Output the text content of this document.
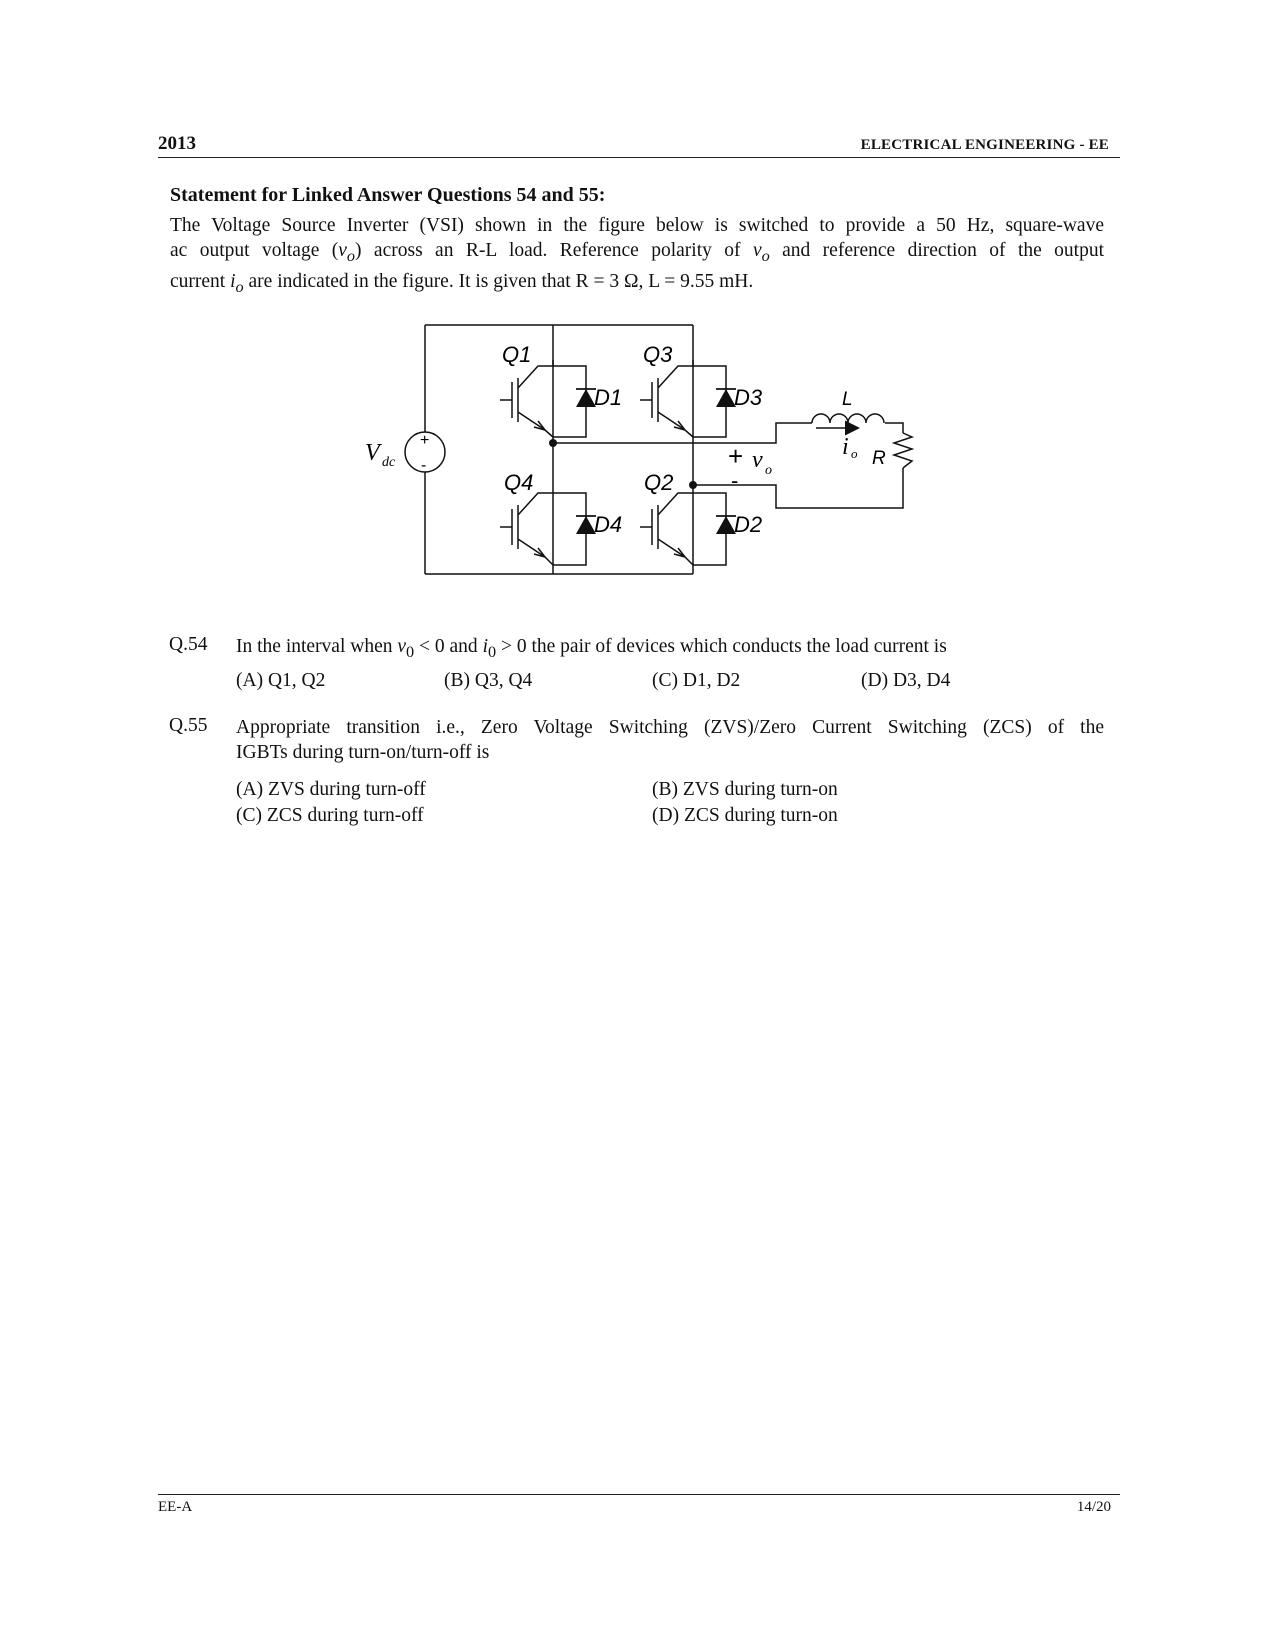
2013	ELECTRICAL ENGINEERING - EE
Statement for Linked Answer Questions 54 and 55:
The Voltage Source Inverter (VSI) shown in the figure below is switched to provide a 50 Hz, square-wave
ac output voltage $(v_o)$ across an R-L load. Reference polarity of $v_o$ and reference direction of the output
current $i_o$ are indicated in the figure. It is given that R = 3 Ω, L = 9.55 mH.
Q1	Q3
Q4	Q2
D1	D3
D4	D2
V dc
+
-	+
-
v o
i o
L
R
Q.54 In the interval when $v_0 < 0$ and $i_0 > 0$ the pair of devices which conducts the load current is
(A) Q1, Q2	(B) Q3, Q4	(C) D1, D2	(D) D3, D4
Q.55 Appropriate transition i.e., Zero Voltage Switching (ZVS)/Zero Current Switching (ZCS) of the
IGBTs during turn-on/turn-off is
(A) ZVS during turn-off	(B) ZVS during turn-on
(C) ZCS during turn-off	(D) ZCS during turn-on
EE-A	14/20
